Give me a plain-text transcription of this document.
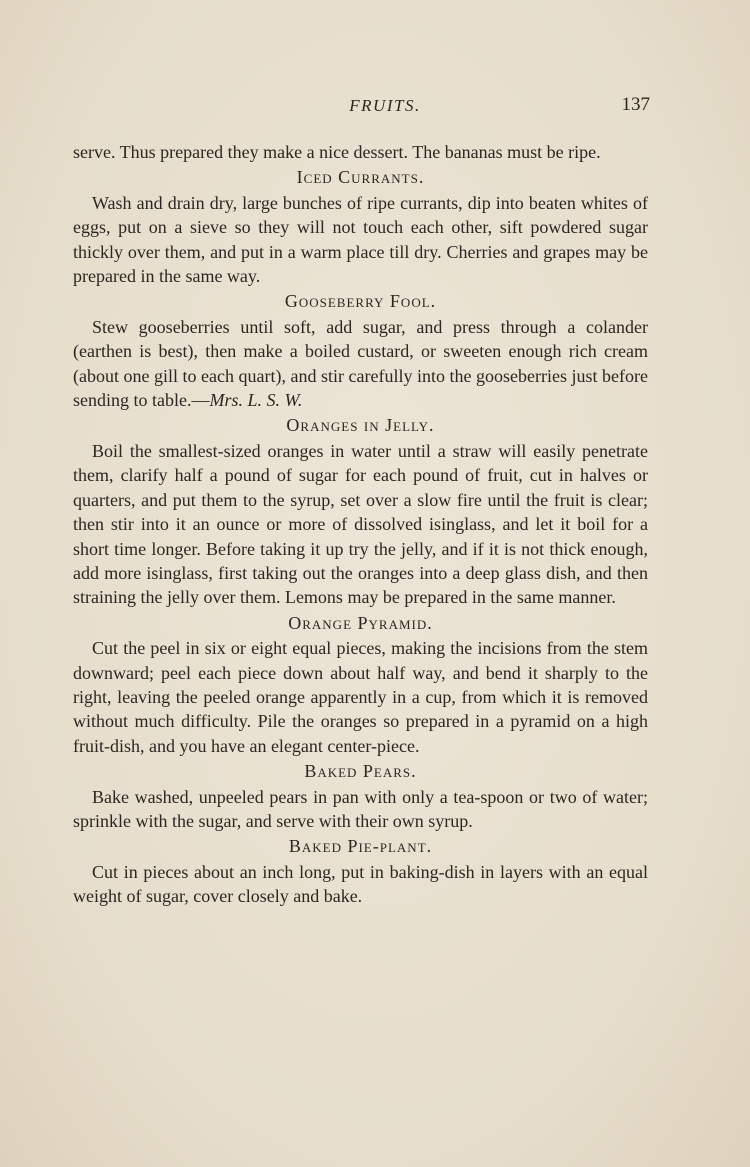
FRUITS.	137

serve. Thus prepared they make a nice dessert. The bananas must be ripe.

Iced Currants.

Wash and drain dry, large bunches of ripe currants, dip into beaten whites of eggs, put on a sieve so they will not touch each other, sift powdered sugar thickly over them, and put in a warm place till dry. Cherries and grapes may be prepared in the same way.

Gooseberry Fool.

Stew gooseberries until soft, add sugar, and press through a colander (earthen is best), then make a boiled custard, or sweeten enough rich cream (about one gill to each quart), and stir carefully into the gooseberries just before sending to table.—Mrs. L. S. W.

Oranges in Jelly.

Boil the smallest-sized oranges in water until a straw will easily penetrate them, clarify half a pound of sugar for each pound of fruit, cut in halves or quarters, and put them to the syrup, set over a slow fire until the fruit is clear; then stir into it an ounce or more of dissolved isinglass, and let it boil for a short time longer. Before taking it up try the jelly, and if it is not thick enough, add more isinglass, first taking out the oranges into a deep glass dish, and then straining the jelly over them. Lemons may be prepared in the same manner.

Orange Pyramid.

Cut the peel in six or eight equal pieces, making the incisions from the stem downward; peel each piece down about half way, and bend it sharply to the right, leaving the peeled orange apparently in a cup, from which it is removed without much difficulty. Pile the oranges so prepared in a pyramid on a high fruit-dish, and you have an elegant center-piece.

Baked Pears.

Bake washed, unpeeled pears in pan with only a tea-spoon or two of water; sprinkle with the sugar, and serve with their own syrup.

Baked Pie-plant.

Cut in pieces about an inch long, put in baking-dish in layers with an equal weight of sugar, cover closely and bake.
